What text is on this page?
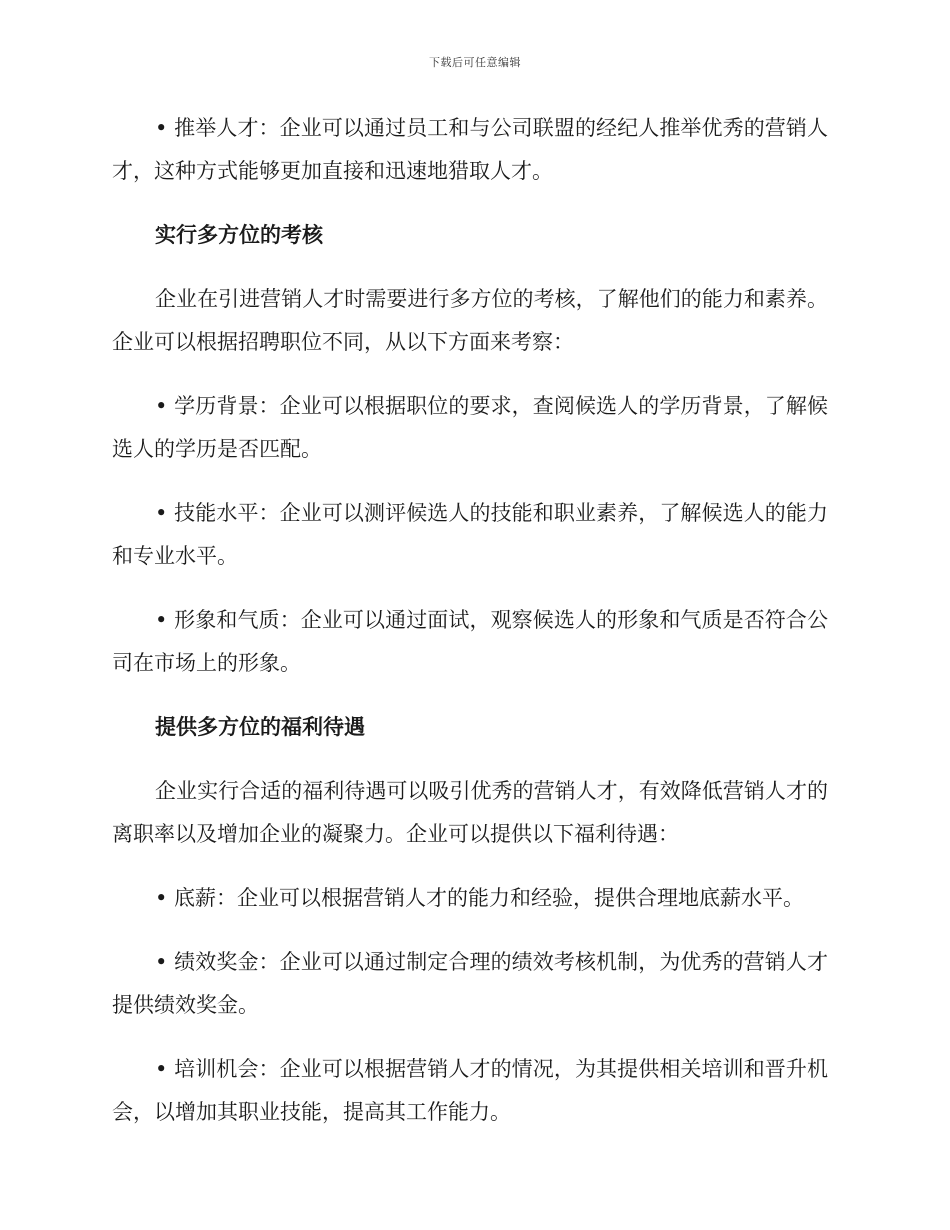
下载后可任意编辑

• 推举人才：企业可以通过员工和与公司联盟的经纪人推举优秀的营销人才，这种方式能够更加直接和迅速地猎取人才。

实行多方位的考核

企业在引进营销人才时需要进行多方位的考核，了解他们的能力和素养。企业可以根据招聘职位不同，从以下方面来考察：

• 学历背景：企业可以根据职位的要求，查阅候选人的学历背景，了解候选人的学历是否匹配。

• 技能水平：企业可以测评候选人的技能和职业素养，了解候选人的能力和专业水平。

• 形象和气质：企业可以通过面试，观察候选人的形象和气质是否符合公司在市场上的形象。

提供多方位的福利待遇

企业实行合适的福利待遇可以吸引优秀的营销人才，有效降低营销人才的离职率以及增加企业的凝聚力。企业可以提供以下福利待遇：

• 底薪：企业可以根据营销人才的能力和经验，提供合理地底薪水平。

• 绩效奖金：企业可以通过制定合理的绩效考核机制，为优秀的营销人才提供绩效奖金。

• 培训机会：企业可以根据营销人才的情况，为其提供相关培训和晋升机会，以增加其职业技能，提高其工作能力。
